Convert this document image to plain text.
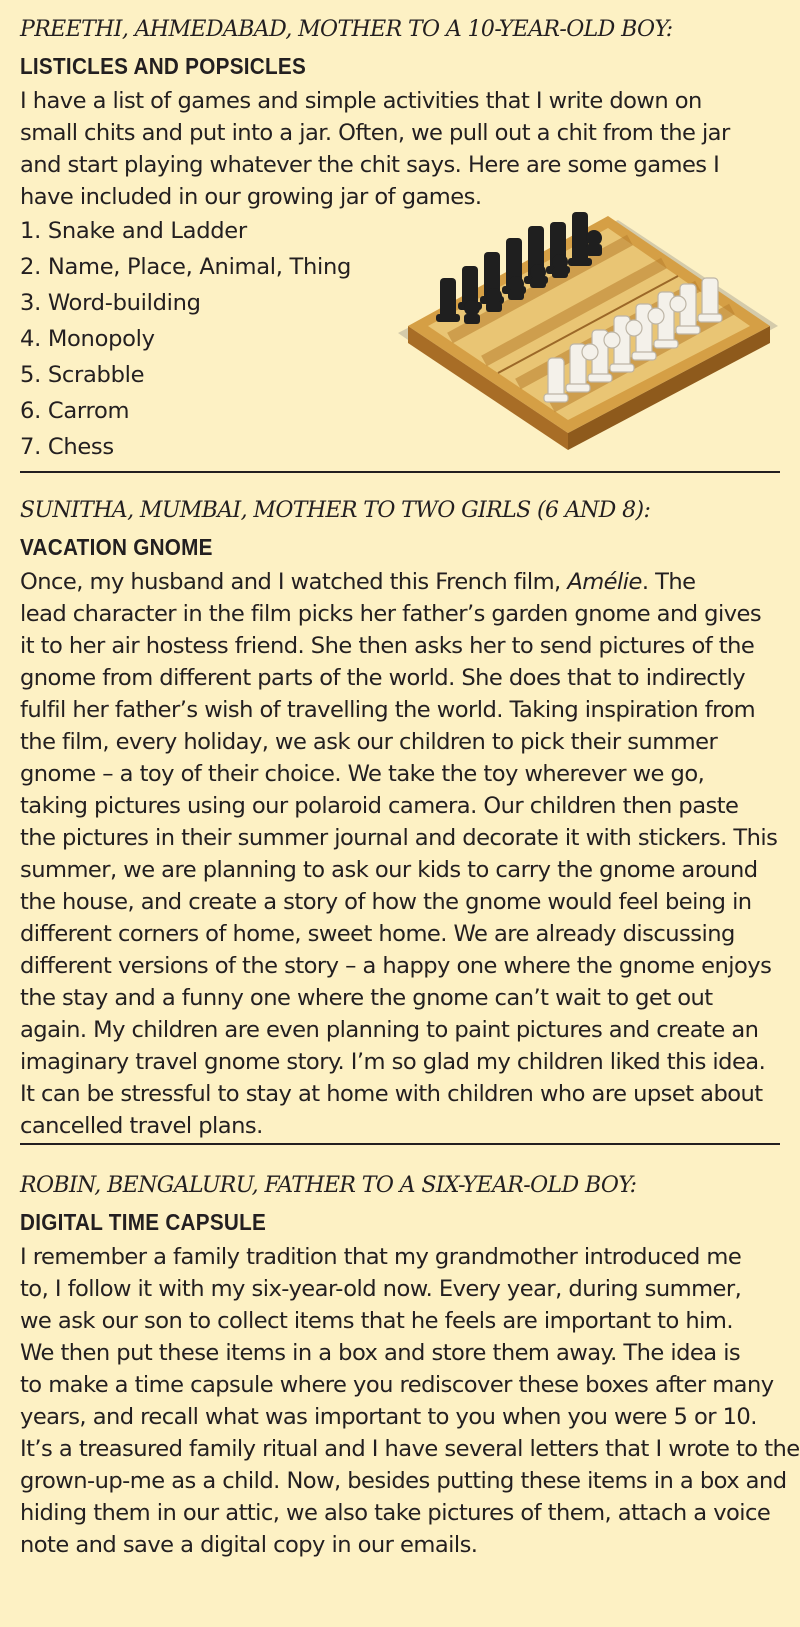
PREETHI, AHMEDABAD, MOTHER TO A 10-YEAR-OLD BOY:

LISTICLES AND POPSICLES

I have a list of games and simple activities that I write down on

small chits and put into a jar. Often, we pull out a chit from the jar

and start playing whatever the chit says. Here are some games I

have included in our growing jar of games.

1. Snake and Ladder
2. Name, Place, Animal, Thing
3. Word-building
4. Monopoly
5. Scrabble
6. Carrom
7. Chess

SUNITHA, MUMBAI, MOTHER TO TWO GIRLS (6 AND 8):

VACATION GNOME

Once, my husband and I watched this French film, Amélie. The

lead character in the film picks her father’s garden gnome and gives

it to her air hostess friend. She then asks her to send pictures of the

gnome from different parts of the world. She does that to indirectly

fulfil her father’s wish of travelling the world. Taking inspiration from

the film, every holiday, we ask our children to pick their summer

gnome – a toy of their choice. We take the toy wherever we go,

taking pictures using our polaroid camera. Our children then paste

the pictures in their summer journal and decorate it with stickers. This

summer, we are planning to ask our kids to carry the gnome around

the house, and create a story of how the gnome would feel being in

different corners of home, sweet home. We are already discussing

different versions of the story – a happy one where the gnome enjoys

the stay and a funny one where the gnome can’t wait to get out

again. My children are even planning to paint pictures and create an

imaginary travel gnome story. I’m so glad my children liked this idea.

It can be stressful to stay at home with children who are upset about

cancelled travel plans.

ROBIN, BENGALURU, FATHER TO A SIX-YEAR-OLD BOY:

DIGITAL TIME CAPSULE

I remember a family tradition that my grandmother introduced me

to, I follow it with my six-year-old now. Every year, during summer,

we ask our son to collect items that he feels are important to him.

We then put these items in a box and store them away. The idea is

to make a time capsule where you rediscover these boxes after many

years, and recall what was important to you when you were 5 or 10.

It’s a treasured family ritual and I have several letters that I wrote to the

grown-up-me as a child. Now, besides putting these items in a box and

hiding them in our attic, we also take pictures of them, attach a voice

note and save a digital copy in our emails.
